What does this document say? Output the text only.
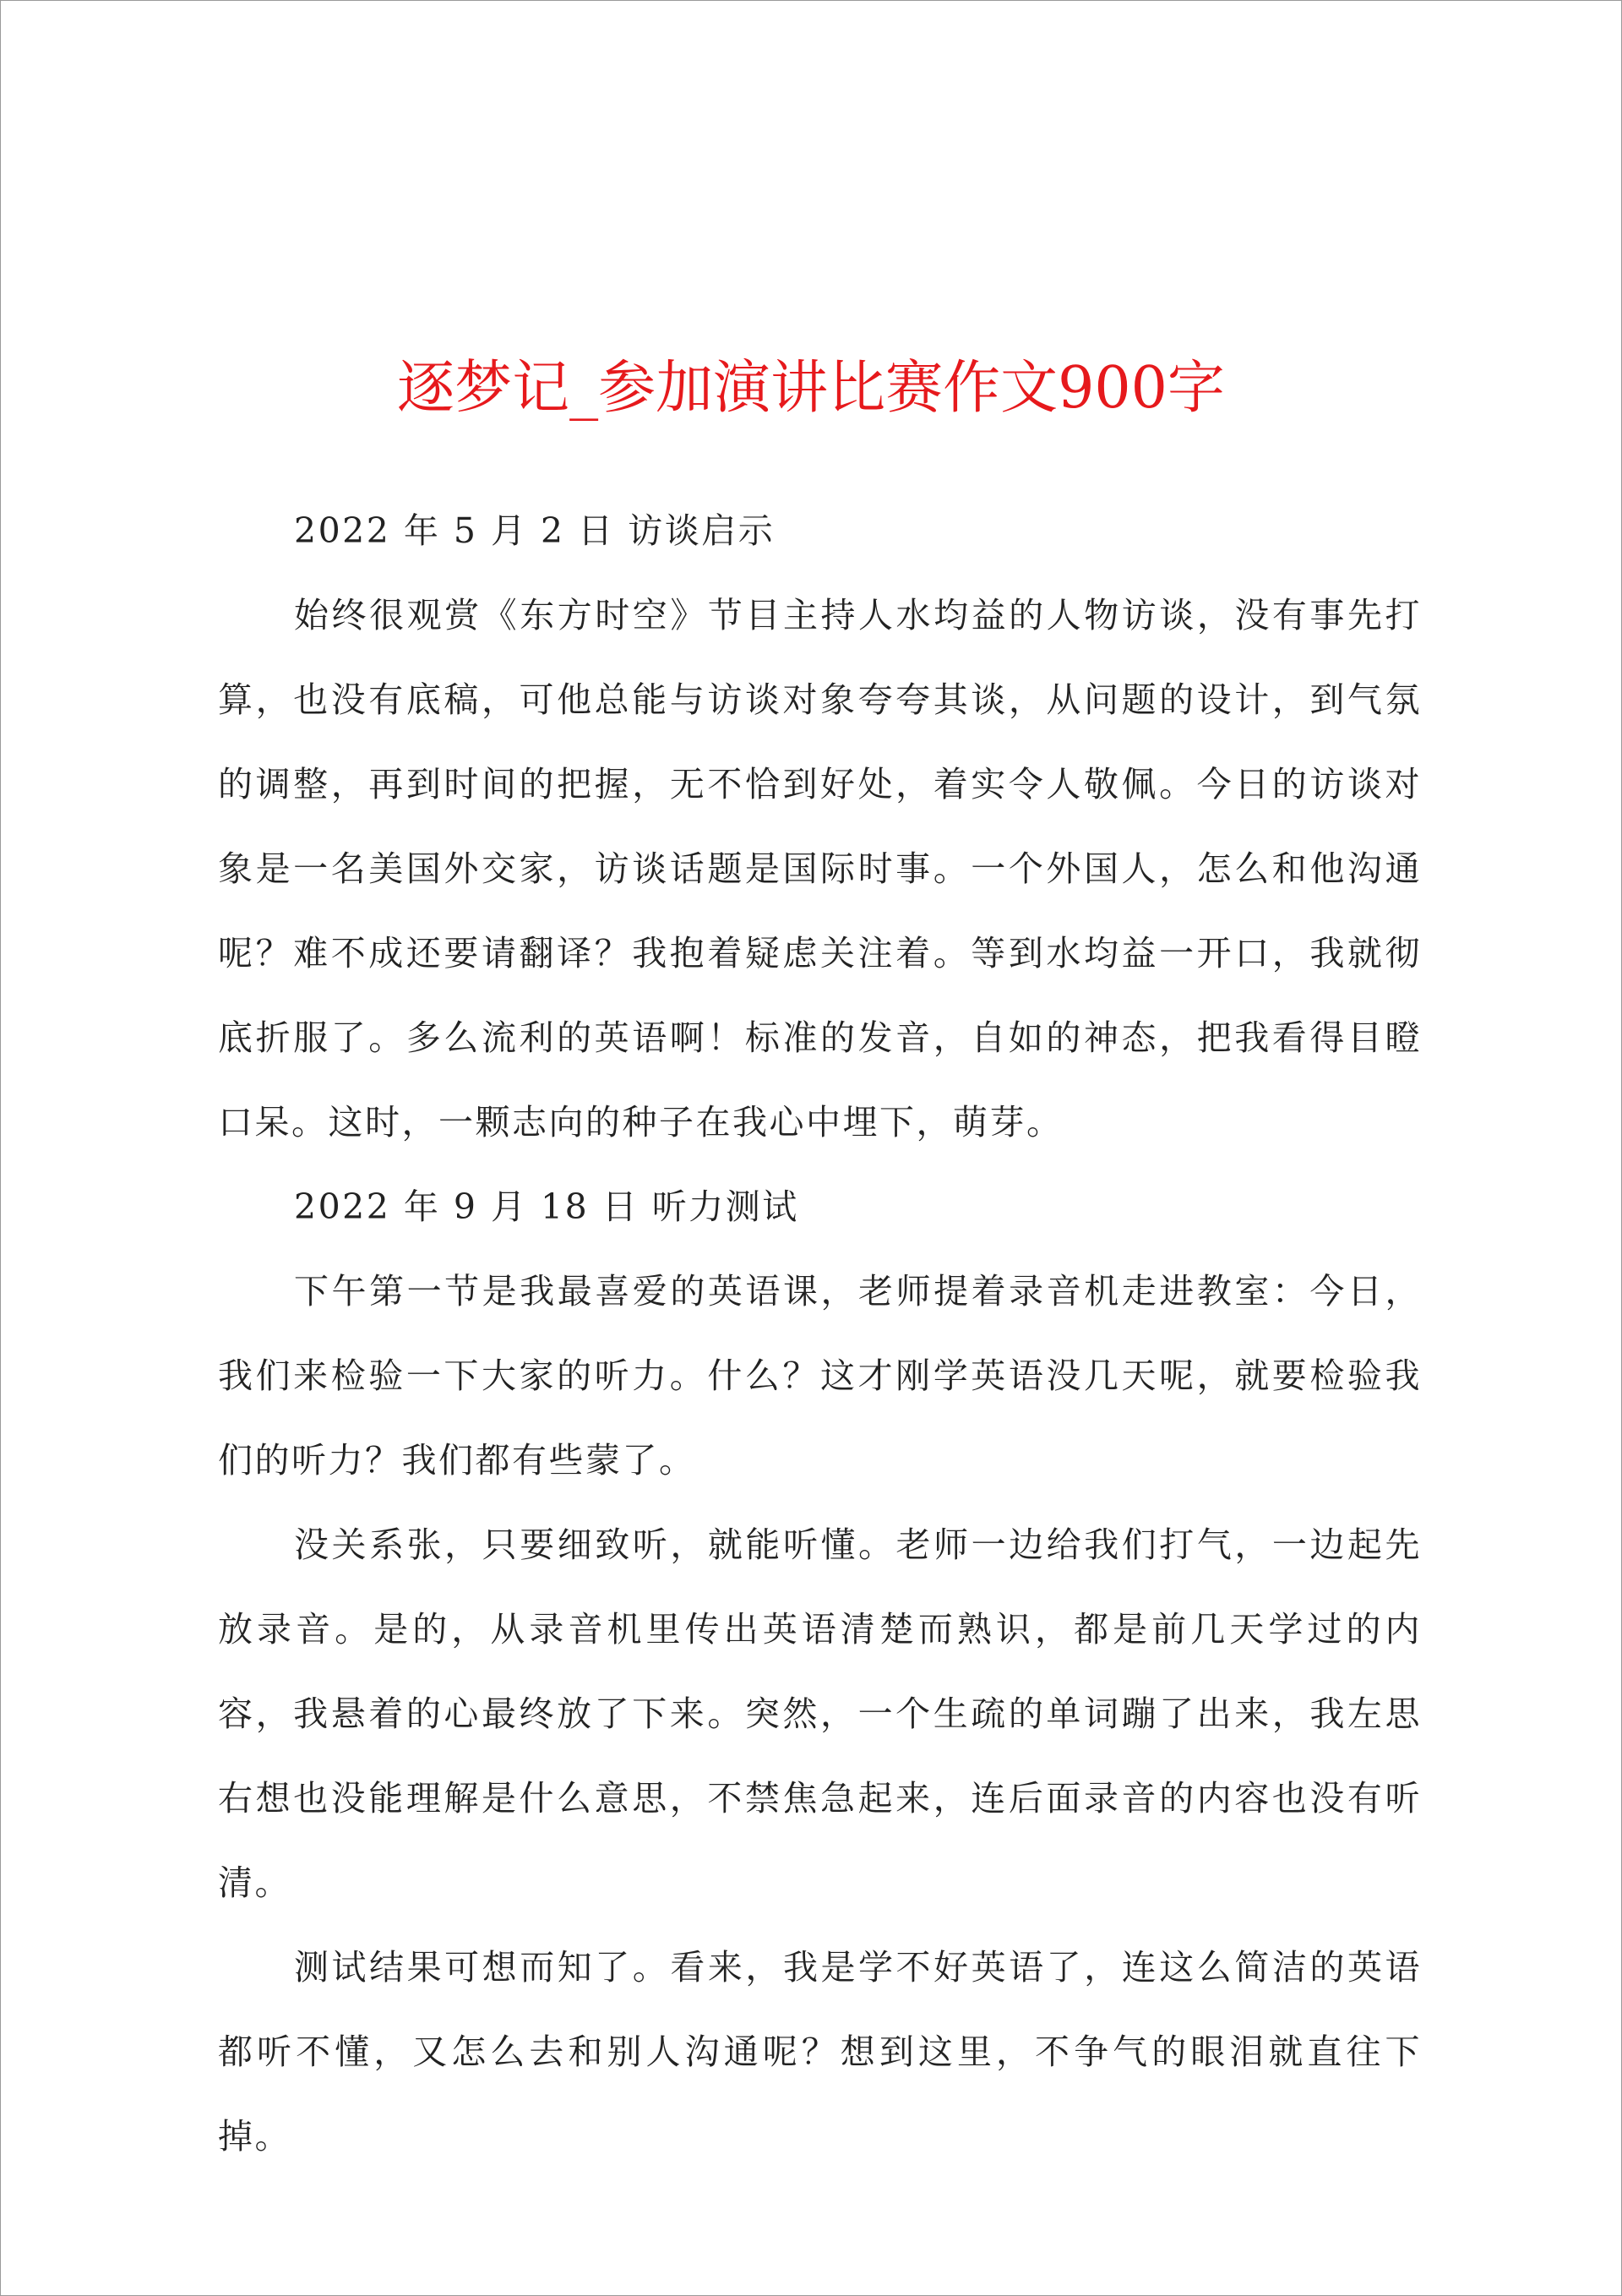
逐梦记_参加演讲比赛作文900字

2022 年 5 月 2 日 访谈启示

始终很观赏《东方时空》节目主持人水均益的人物访谈，没有事先打算，也没有底稿，可他总能与访谈对象夸夸其谈，从问题的设计，到气氛的调整，再到时间的把握，无不恰到好处，着实令人敬佩。今日的访谈对象是一名美国外交家，访谈话题是国际时事。一个外国人，怎么和他沟通呢？难不成还要请翻译？我抱着疑虑关注着。等到水均益一开口，我就彻底折服了。多么流利的英语啊！标准的发音，自如的神态，把我看得目瞪口呆。这时，一颗志向的种子在我心中埋下，萌芽。

2022 年 9 月 18 日 听力测试

下午第一节是我最喜爱的英语课，老师提着录音机走进教室：今日，我们来检验一下大家的听力。什么？这才刚学英语没几天呢，就要检验我们的听力？我们都有些蒙了。

没关系张，只要细致听，就能听懂。老师一边给我们打气，一边起先放录音。是的，从录音机里传出英语清楚而熟识，都是前几天学过的内容，我悬着的心最终放了下来。突然，一个生疏的单词蹦了出来，我左思右想也没能理解是什么意思，不禁焦急起来，连后面录音的内容也没有听清。

测试结果可想而知了。看来，我是学不好英语了，连这么简洁的英语都听不懂，又怎么去和别人沟通呢？想到这里，不争气的眼泪就直往下掉。
